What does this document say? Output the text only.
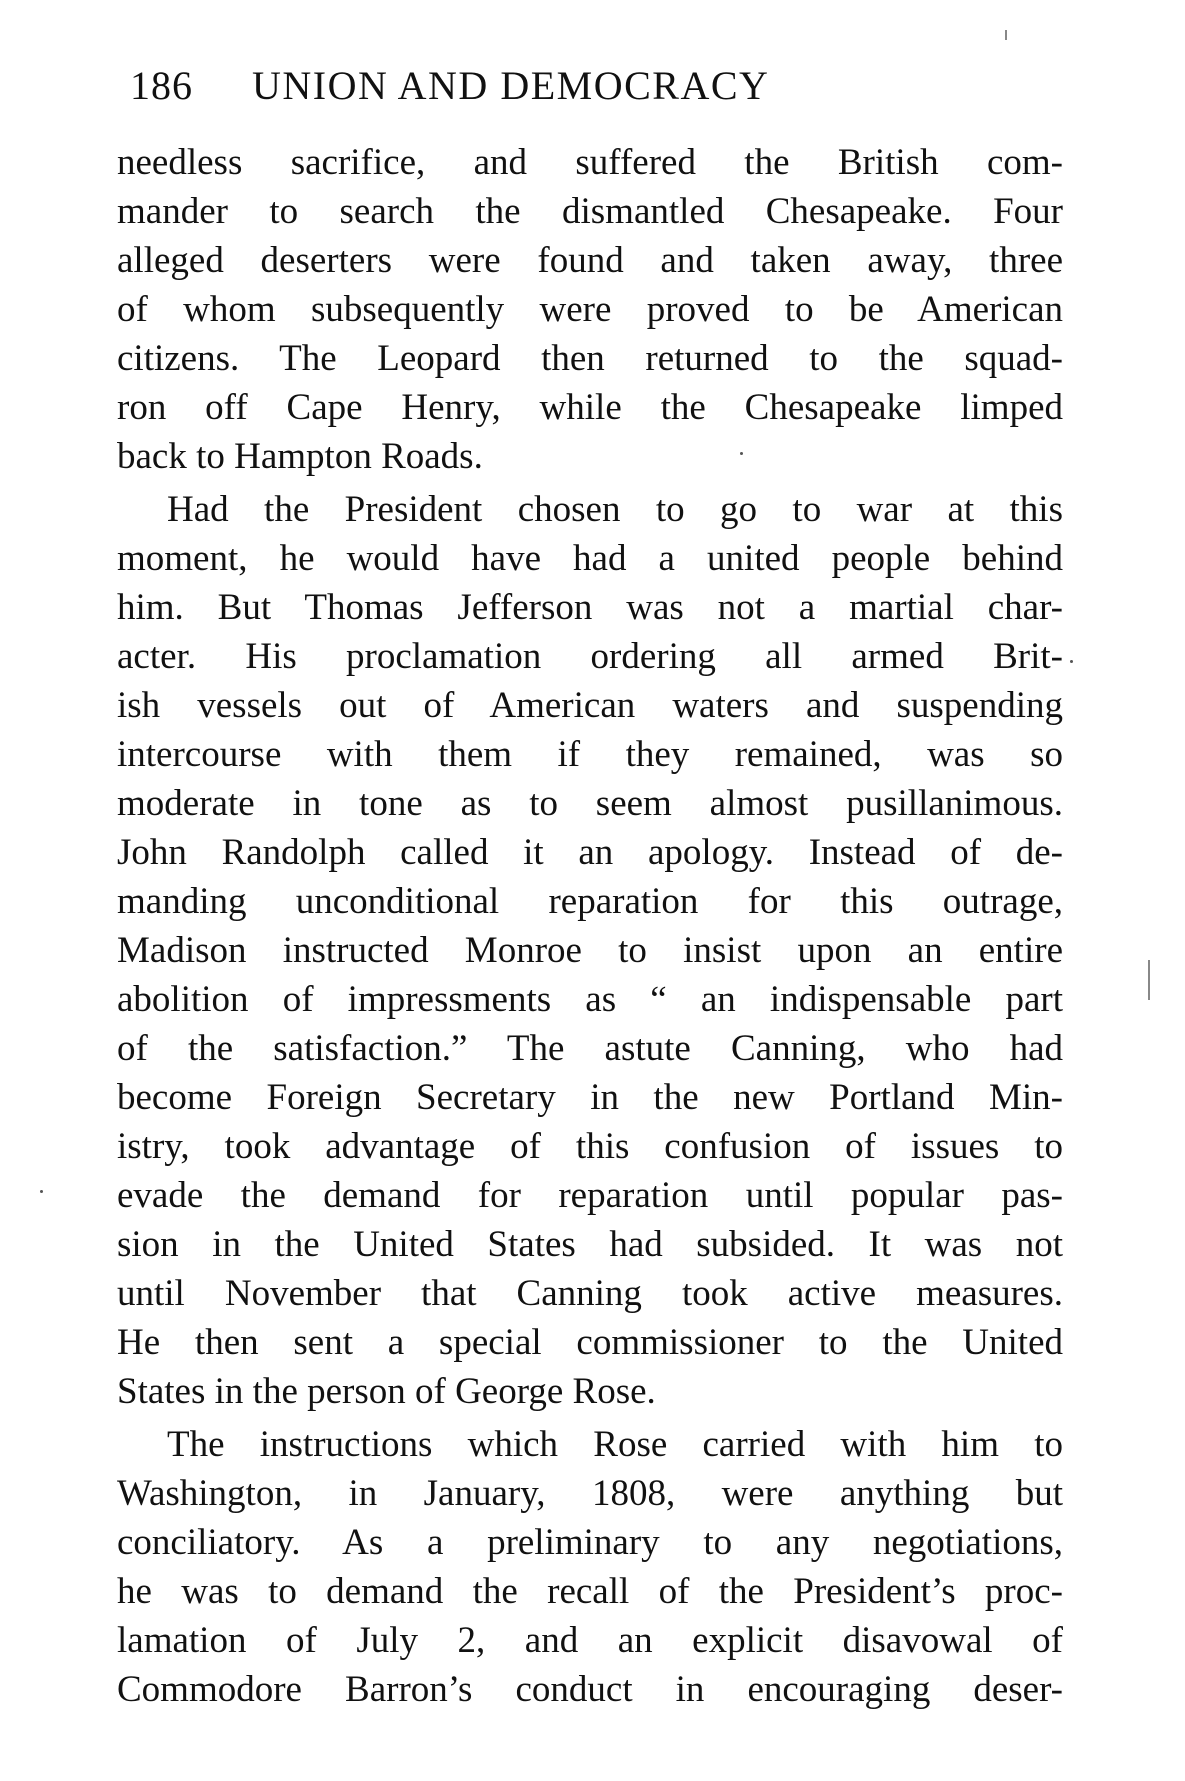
186 UNION AND DEMOCRACY
needless sacrifice, and suffered the British com-
mander to search the dismantled Chesapeake. Four
alleged deserters were found and taken away, three
of whom subsequently were proved to be American
citizens. The Leopard then returned to the squad-
ron off Cape Henry, while the Chesapeake limped
back to Hampton Roads.
Had the President chosen to go to war at this
moment, he would have had a united people behind
him. But Thomas Jefferson was not a martial char-
acter. His proclamation ordering all armed Brit-
ish vessels out of American waters and suspending
intercourse with them if they remained, was so
moderate in tone as to seem almost pusillanimous.
John Randolph called it an apology. Instead of de-
manding unconditional reparation for this outrage,
Madison instructed Monroe to insist upon an entire
abolition of impressments as “ an indispensable part
of the satisfaction.” The astute Canning, who had
become Foreign Secretary in the new Portland Min-
istry, took advantage of this confusion of issues to
evade the demand for reparation until popular pas-
sion in the United States had subsided. It was not
until November that Canning took active measures.
He then sent a special commissioner to the United
States in the person of George Rose.
The instructions which Rose carried with him to
Washington, in January, 1808, were anything but
conciliatory. As a preliminary to any negotiations,
he was to demand the recall of the President’s proc-
lamation of July 2, and an explicit disavowal of
Commodore Barron’s conduct in encouraging deser-
